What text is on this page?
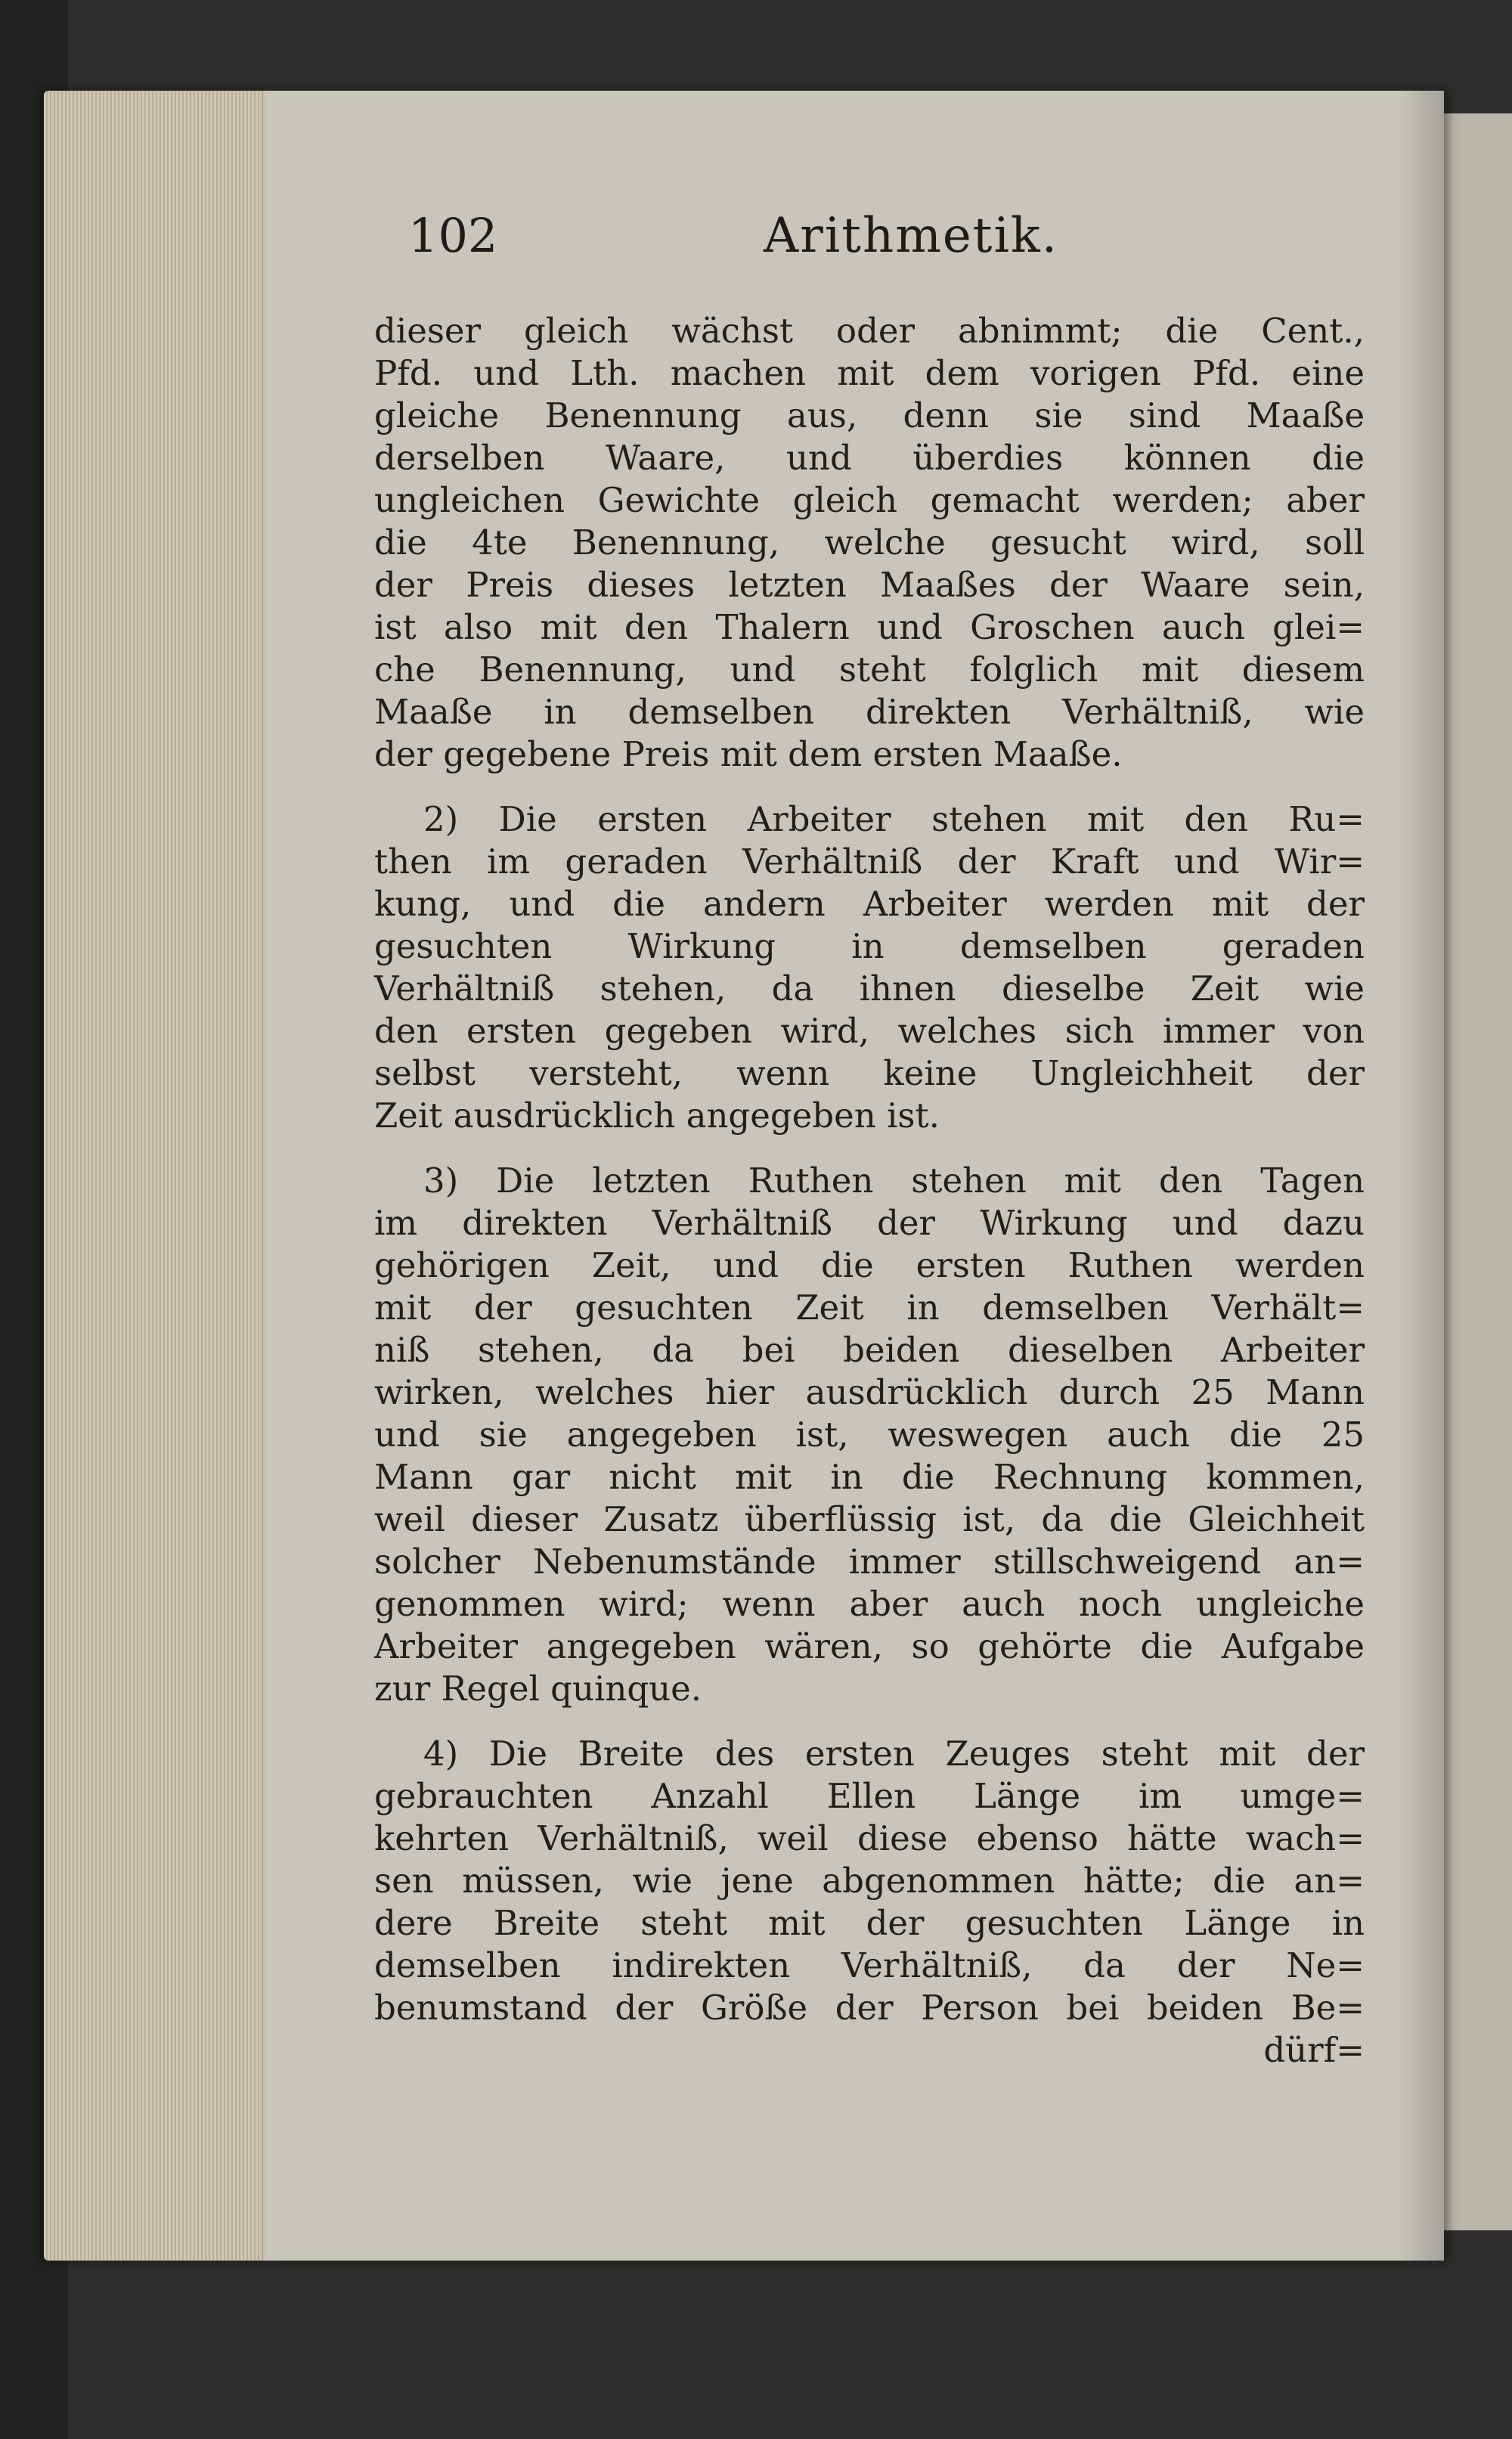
102	Arithmetik.
dieser gleich wächst oder abnimmt; die Cent.,
Pfd. und Lth. machen mit dem vorigen Pfd. eine
gleiche Benennung aus, denn sie sind Maaße
derselben Waare, und überdies können die
ungleichen Gewichte gleich gemacht werden; aber
die 4te Benennung, welche gesucht wird, soll
der Preis dieses letzten Maaßes der Waare sein,
ist also mit den Thalern und Groschen auch glei=
che Benennung, und steht folglich mit diesem
Maaße in demselben direkten Verhältniß, wie
der gegebene Preis mit dem ersten Maaße.
2) Die ersten Arbeiter stehen mit den Ru=
then im geraden Verhältniß der Kraft und Wir=
kung, und die andern Arbeiter werden mit der
gesuchten Wirkung in demselben geraden
Verhältniß stehen, da ihnen dieselbe Zeit wie
den ersten gegeben wird, welches sich immer von
selbst versteht, wenn keine Ungleichheit der
Zeit ausdrücklich angegeben ist.
3) Die letzten Ruthen stehen mit den Tagen
im direkten Verhältniß der Wirkung und dazu
gehörigen Zeit, und die ersten Ruthen werden
mit der gesuchten Zeit in demselben Verhält=
niß stehen, da bei beiden dieselben Arbeiter
wirken, welches hier ausdrücklich durch 25 Mann
und sie angegeben ist, weswegen auch die 25
Mann gar nicht mit in die Rechnung kommen,
weil dieser Zusatz überflüssig ist, da die Gleichheit
solcher Nebenumstände immer stillschweigend an=
genommen wird; wenn aber auch noch ungleiche
Arbeiter angegeben wären, so gehörte die Aufgabe
zur Regel quinque.
4) Die Breite des ersten Zeuges steht mit der
gebrauchten Anzahl Ellen Länge im umge=
kehrten Verhältniß, weil diese ebenso hätte wach=
sen müssen, wie jene abgenommen hätte; die an=
dere Breite steht mit der gesuchten Länge in
demselben indirekten Verhältniß, da der Ne=
benumstand der Größe der Person bei beiden Be=
dürf=
